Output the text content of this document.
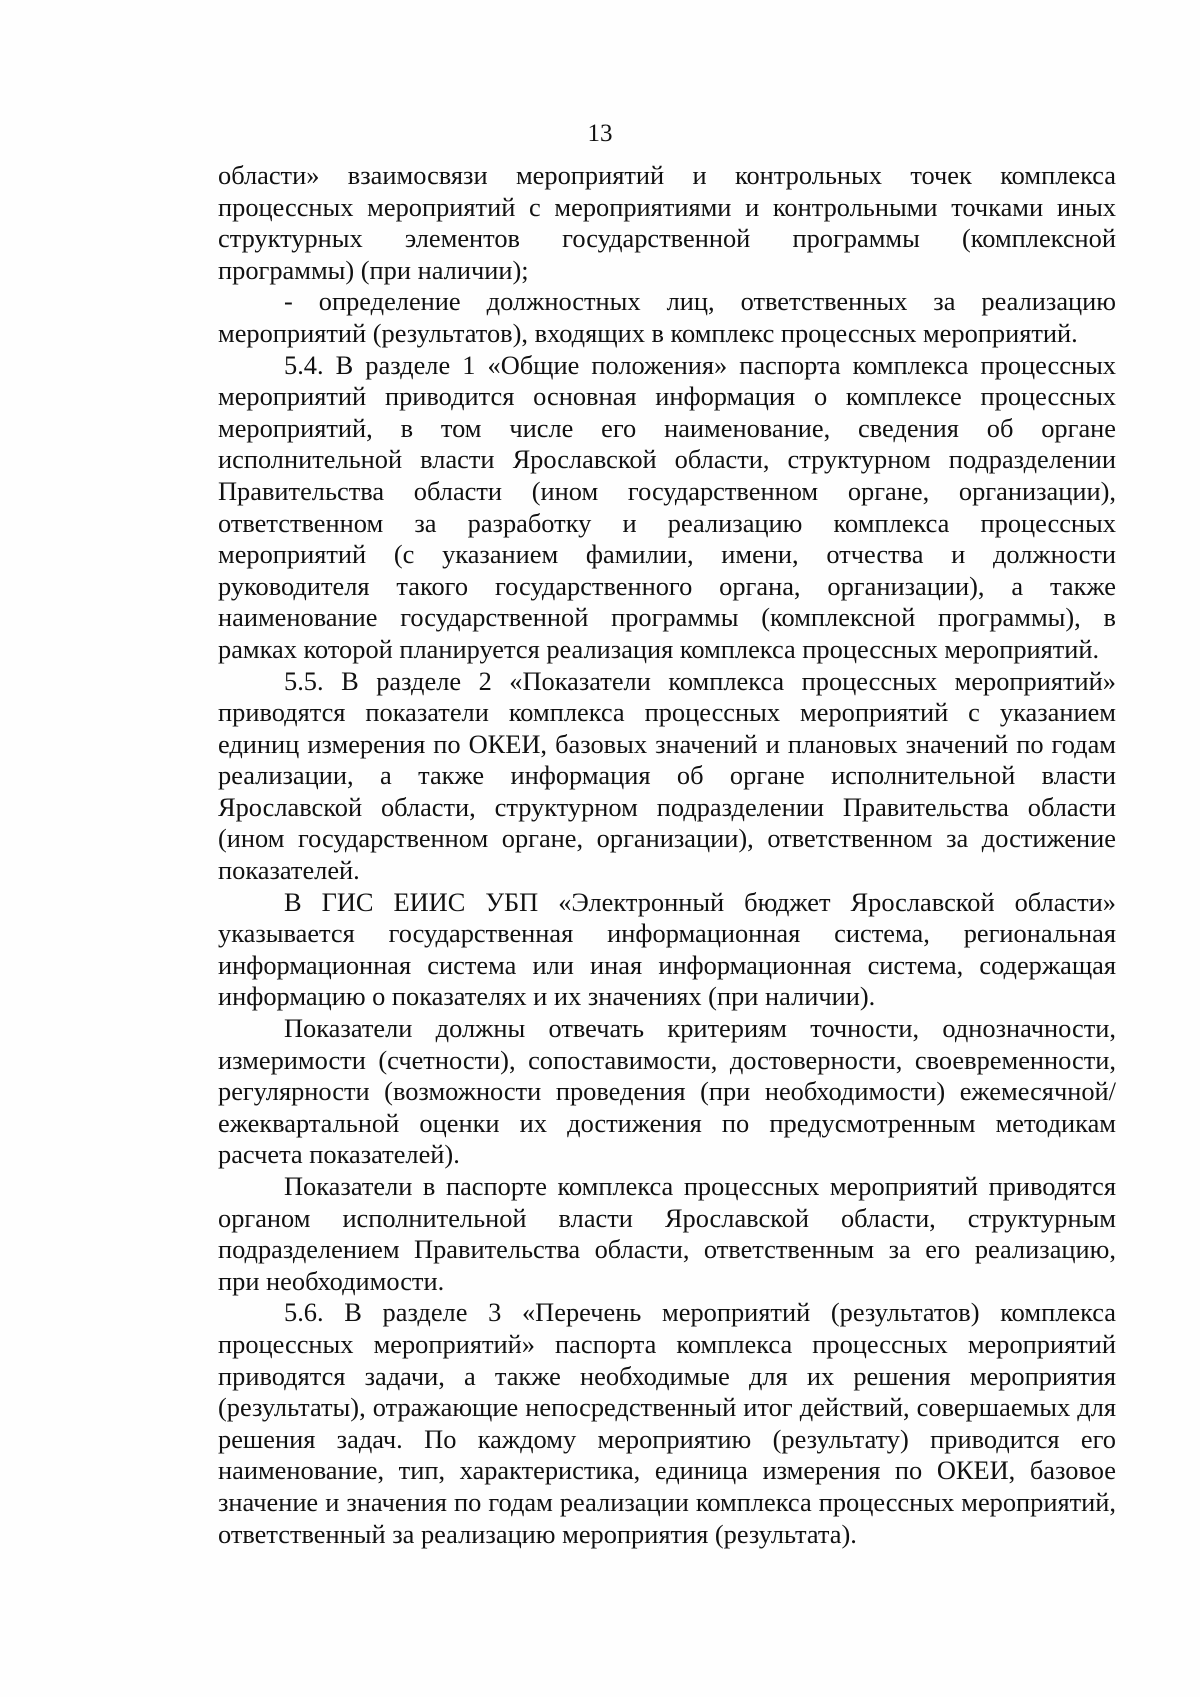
13

области» взаимосвязи мероприятий и контрольных точек комплекса процессных мероприятий с мероприятиями и контрольными точками иных структурных элементов государственной программы (комплексной программы) (при наличии);

- определение должностных лиц, ответственных за реализацию мероприятий (результатов), входящих в комплекс процессных мероприятий.

5.4. В разделе 1 «Общие положения» паспорта комплекса процессных мероприятий приводится основная информация о комплексе процессных мероприятий, в том числе его наименование, сведения об органе исполнительной власти Ярославской области, структурном подразделении Правительства области (ином государственном органе, организации), ответственном за разработку и реализацию комплекса процессных мероприятий (с указанием фамилии, имени, отчества и должности руководителя такого государственного органа, организации), а также наименование государственной программы (комплексной программы), в рамках которой планируется реализация комплекса процессных мероприятий.

5.5. В разделе 2 «Показатели комплекса процессных мероприятий» приводятся показатели комплекса процессных мероприятий с указанием единиц измерения по ОКЕИ, базовых значений и плановых значений по годам реализации, а также информация об органе исполнительной власти Ярославской области, структурном подразделении Правительства области (ином государственном органе, организации), ответственном за достижение показателей.

В ГИС ЕИИС УБП «Электронный бюджет Ярославской области» указывается государственная информационная система, региональная информационная система или иная информационная система, содержащая информацию о показателях и их значениях (при наличии).

Показатели должны отвечать критериям точности, однозначности, измеримости (счетности), сопоставимости, достоверности, своевременности, регулярности (возможности проведения (при необходимости) ежемесячной/ ежеквартальной оценки их достижения по предусмотренным методикам расчета показателей).

Показатели в паспорте комплекса процессных мероприятий приводятся органом исполнительной власти Ярославской области, структурным подразделением Правительства области, ответственным за его реализацию, при необходимости.

5.6. В разделе 3 «Перечень мероприятий (результатов) комплекса процессных мероприятий» паспорта комплекса процессных мероприятий приводятся задачи, а также необходимые для их решения мероприятия (результаты), отражающие непосредственный итог действий, совершаемых для решения задач. По каждому мероприятию (результату) приводится его наименование, тип, характеристика, единица измерения по ОКЕИ, базовое значение и значения по годам реализации комплекса процессных мероприятий, ответственный за реализацию мероприятия (результата).
